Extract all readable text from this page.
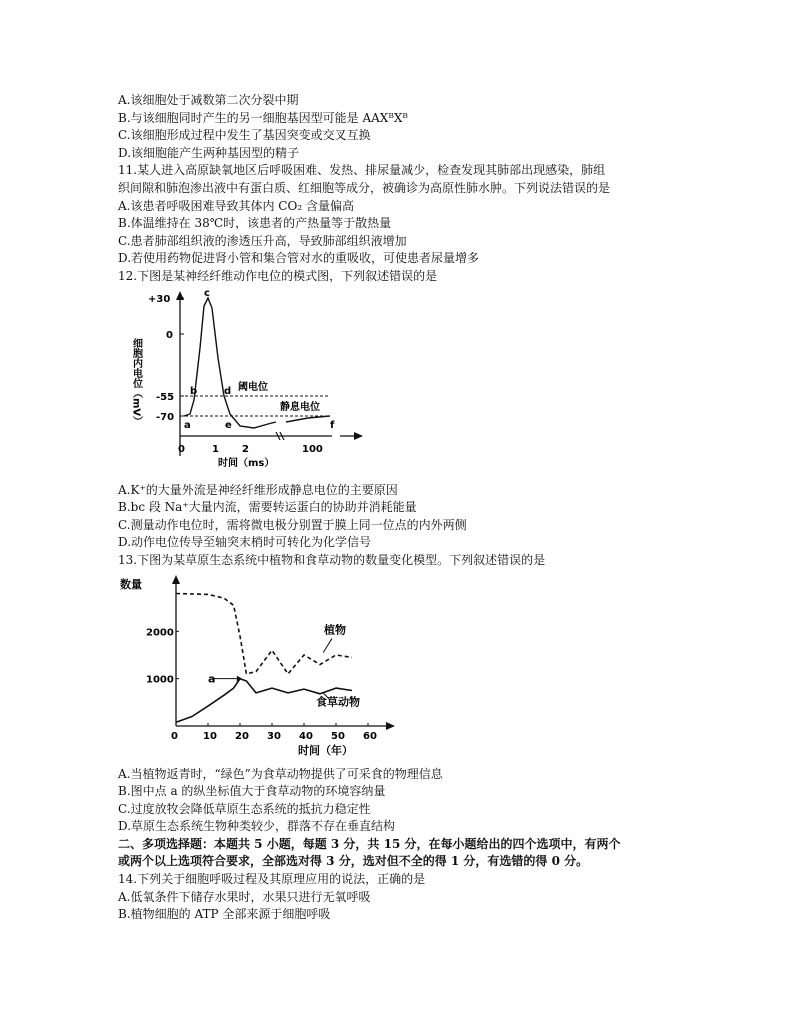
A.该细胞处于减数第二次分裂中期
B.与该细胞同时产生的另一细胞基因型可能是 AAXᴮXᴮ
C.该细胞形成过程中发生了基因突变或交叉互换
D.该细胞能产生两种基因型的精子
11.某人进入高原缺氧地区后呼吸困难、发热、排尿量减少，检查发现其肺部出现感染，肺组
织间隙和肺泡渗出液中有蛋白质、红细胞等成分，被确诊为高原性肺水肿。下列说法错误的是
A.该患者呼吸困难导致其体内 CO₂ 含量偏高
B.体温维持在 38℃时，该患者的产热量等于散热量
C.患者肺部组织液的渗透压升高，导致肺部组织液增加
D.若使用药物促进肾小管和集合管对水的重吸收，可使患者尿量增多
12.下图是某神经纤维动作电位的模式图，下列叙述错误的是
+30
0
-55
-70
细胞内电位（mV）	阈电位
静息电位
a
b
c
d
e	f
0	1 2	100
时间（ms）
A.K⁺的大量外流是神经纤维形成静息电位的主要原因
B.bc 段 Na⁺大量内流，需要转运蛋白的协助并消耗能量
C.测量动作电位时，需将微电极分别置于膜上同一位点的内外两侧
D.动作电位传导至轴突末梢时可转化为化学信号
13.下图为某草原生态系统中植物和食草动物的数量变化模型。下列叙述错误的是
数量
时间（年）
0	10 20 30 40 50 60
1000
2000	植物
食草动物
a
A.当植物返青时，“绿色”为食草动物提供了可采食的物理信息
B.图中点 a 的纵坐标值大于食草动物的环境容纳量
C.过度放牧会降低草原生态系统的抵抗力稳定性
D.草原生态系统生物种类较少，群落不存在垂直结构
二、多项选择题：本题共 5 小题，每题 3 分，共 15 分，在每小题给出的四个选项中，有两个
或两个以上选项符合要求，全部选对得 3 分，选对但不全的得 1 分，有选错的得 0 分。
14.下列关于细胞呼吸过程及其原理应用的说法，正确的是
A.低氧条件下储存水果时，水果只进行无氧呼吸
B.植物细胞的 ATP 全部来源于细胞呼吸
